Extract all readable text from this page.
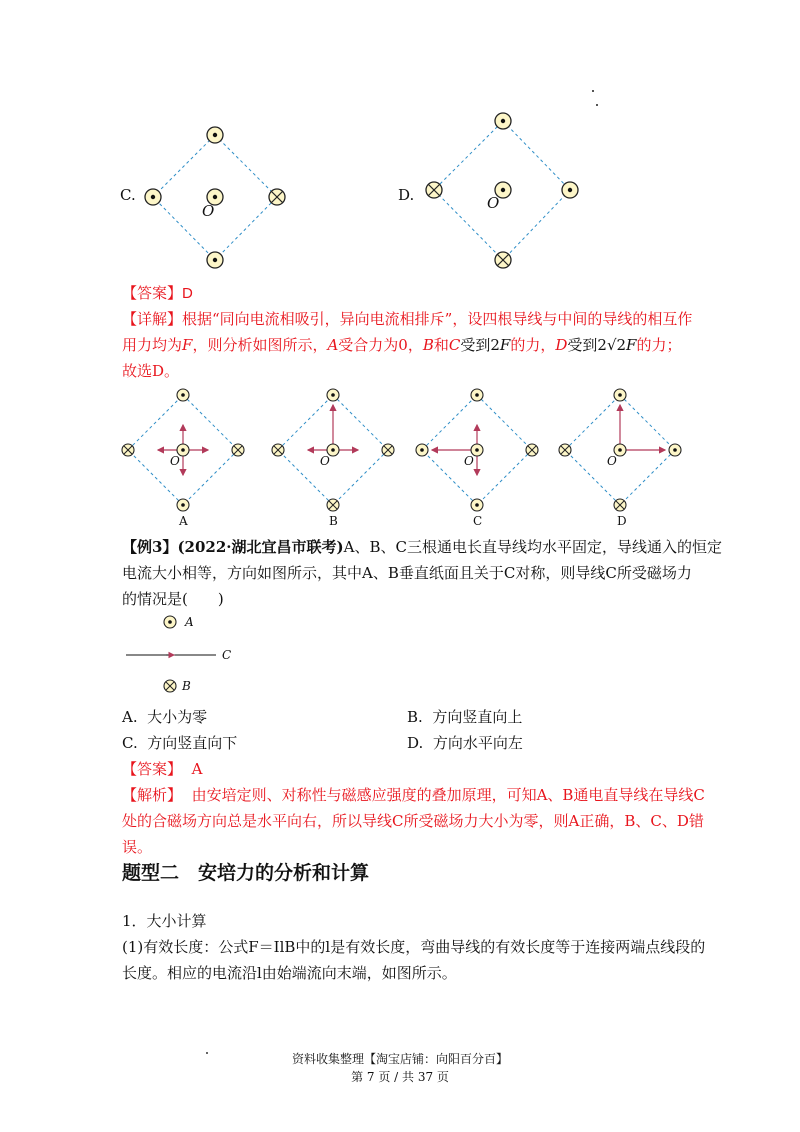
C.
O
D.	O
【答案】D
【详解】根据“同向电流相吸引，异向电流相排斥”，设四根导线与中间的导线的相互作
用力均为F，则分析如图所示，A受合力为0，B和C受到2F的力，D受到2√2F的力；
故选D。
O	O	O	O
A	B	C	D
【例3】(2022·湖北宜昌市联考)A、B、C三根通电长直导线均水平固定，导线通入的恒定
电流大小相等，方向如图所示，其中A、B垂直纸面且关于C对称，则导线C所受磁场力
的情况是(　　)
A
C
B
A. 大小为零	B. 方向竖直向上
C. 方向竖直向下	D. 方向水平向左
【答案】 A
【解析】 由安培定则、对称性与磁感应强度的叠加原理，可知A、B通电直导线在导线C
处的合磁场方向总是水平向右，所以导线C所受磁场力大小为零，则A正确，B、C、D错
误。
题型二　安培力的分析和计算
1．大小计算
(1)有效长度：公式F＝IlB中的l是有效长度，弯曲导线的有效长度等于连接两端点线段的
长度。相应的电流沿l由始端流向末端，如图所示。
资料收集整理【淘宝店铺：向阳百分百】
第 7 页 / 共 37 页
